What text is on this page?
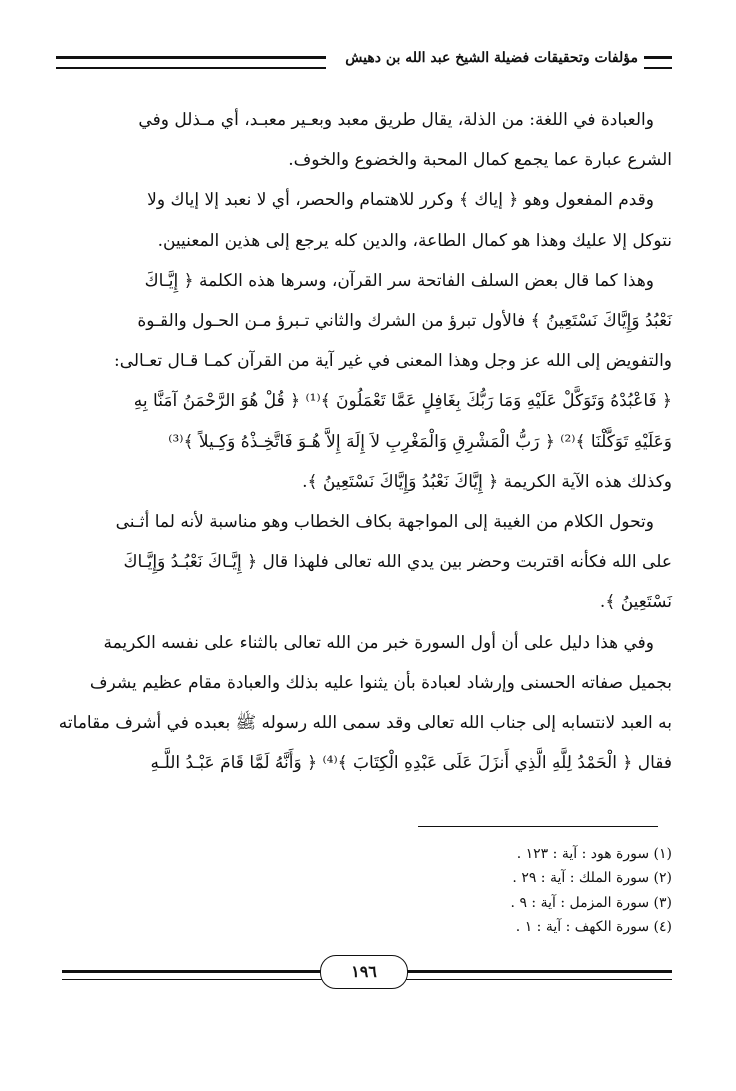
مؤلفات وتحقيقات فضيلة الشيخ عبد الله بن دهيش

والعبادة في اللغة: من الذلة، يقال طريق معبد وبعـير معبـد، أي مـذلل وفي

الشرع عبارة عما يجمع كمال المحبة والخضوع والخوف.

وقدم المفعول وهو ﴿ إياك ﴾ وكرر للاهتمام والحصر، أي لا نعبد إلا إياك ولا

نتوكل إلا عليك وهذا هو كمال الطاعة، والدين كله يرجع إلى هذين المعنيين.

وهذا كما قال بعض السلف الفاتحة سر القرآن، وسرها هذه الكلمة ﴿ إِيَّـاكَ

نَعْبُدُ وَإِيَّاكَ نَسْتَعِينُ ﴾ فالأول تبرؤ من الشرك والثاني تـبرؤ مـن الحـول والقـوة

والتفويض إلى الله عز وجل وهذا المعنى في غير آية من القرآن كمـا قـال تعـالى:

﴿ فَاعْبُدْهُ وَتَوَكَّلْ عَلَيْهِ وَمَا رَبُّكَ بِغَافِلٍ عَمَّا تَعْمَلُونَ ﴾⁽¹⁾ ﴿ قُلْ هُوَ الرَّحْمَنُ آمَنَّا بِهِ

وَعَلَيْهِ تَوَكَّلْنَا ﴾⁽²⁾ ﴿ رَبُّ الْمَشْرِقِ وَالْمَغْرِبِ لاَ إِلَهَ إِلاَّ هُـوَ فَاتَّخِـذْهُ وَكِـيلاً ﴾⁽³⁾

وكذلك هذه الآية الكريمة ﴿ إِيَّاكَ نَعْبُدُ وَإِيَّاكَ نَسْتَعِينُ ﴾.

وتحول الكلام من الغيبة إلى المواجهة بكاف الخطاب وهو مناسبة لأنه لما أثـنى

على الله فكأنه اقتربت وحضر بين يدي الله تعالى فلهذا قال ﴿ إِيَّـاكَ نَعْبُـدُ وَإِيَّـاكَ

نَسْتَعِينُ ﴾.

وفي هذا دليل على أن أول السورة خبر من الله تعالى بالثناء على نفسه الكريمة

بجميل صفاته الحسنى وإرشاد لعبادة بأن يثنوا عليه بذلك والعبادة مقام عظيم يشرف

به العبد لانتسابه إلى جناب الله تعالى وقد سمى الله رسوله ﷺ بعبده في أشرف مقاماته

فقال ﴿ الْحَمْدُ لِلَّهِ الَّذِي أَنزَلَ عَلَى عَبْدِهِ الْكِتَابَ ﴾⁽⁴⁾ ﴿ وَأَنَّهُ لَمَّا قَامَ عَبْـدُ اللَّـهِ

(١) سورة هود : آية : ١٢٣ .
(٢) سورة الملك : آية : ٢٩ .
(٣) سورة المزمل : آية : ٩ .
(٤) سورة الكهف : آية : ١ .
١٩٦
